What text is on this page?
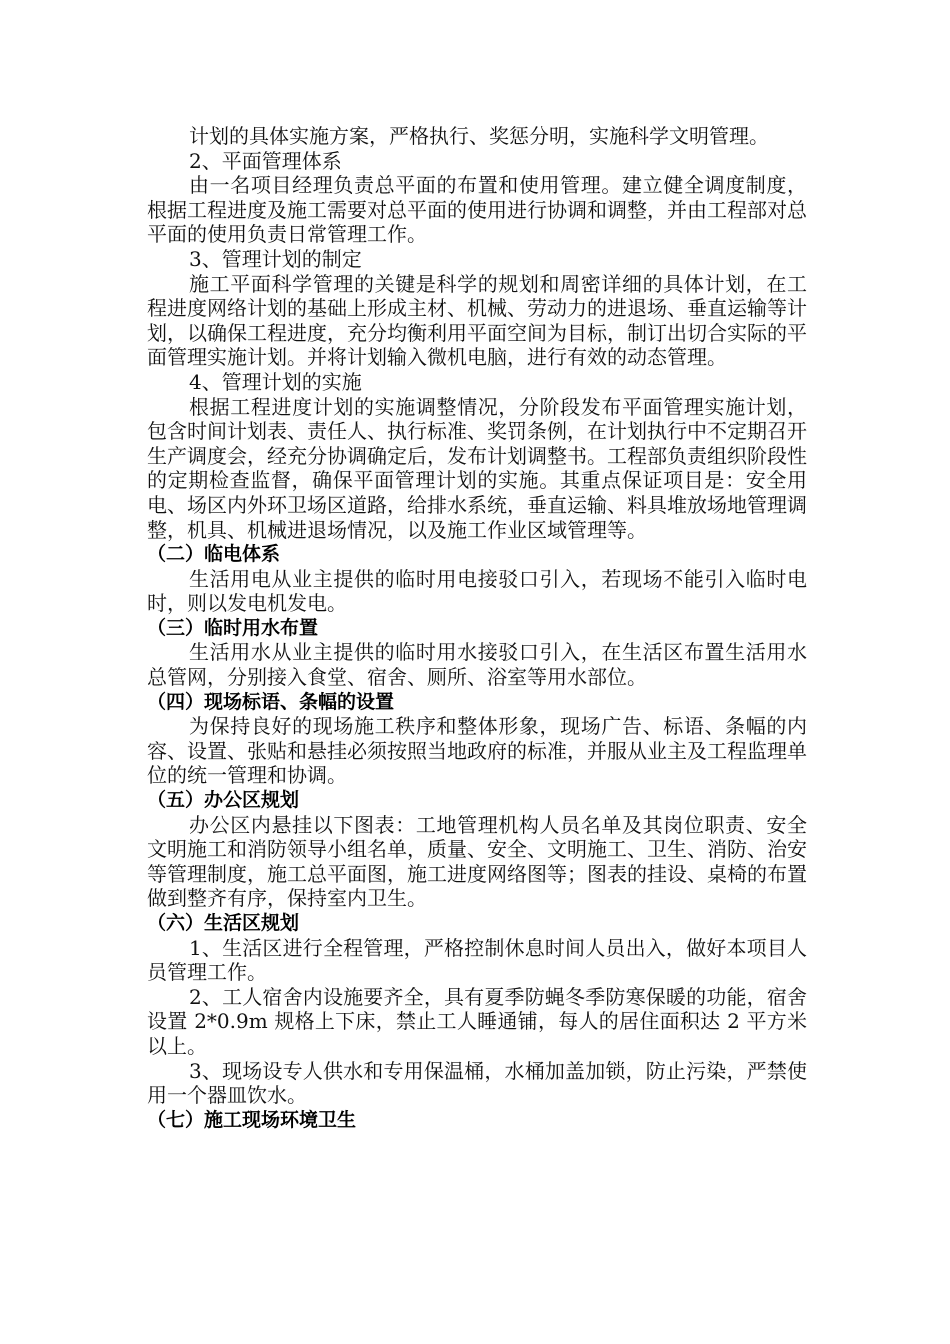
计划的具体实施方案，严格执行、奖惩分明，实施科学文明管理。
2、平面管理体系
由一名项目经理负责总平面的布置和使用管理。建立健全调度制度，根据工程进度及施工需要对总平面的使用进行协调和调整，并由工程部对总平面的使用负责日常管理工作。
3、管理计划的制定
施工平面科学管理的关键是科学的规划和周密详细的具体计划，在工程进度网络计划的基础上形成主材、机械、劳动力的进退场、垂直运输等计划，以确保工程进度，充分均衡利用平面空间为目标，制订出切合实际的平面管理实施计划。并将计划输入微机电脑，进行有效的动态管理。
4、管理计划的实施
根据工程进度计划的实施调整情况，分阶段发布平面管理实施计划，包含时间计划表、责任人、执行标准、奖罚条例，在计划执行中不定期召开生产调度会，经充分协调确定后，发布计划调整书。工程部负责组织阶段性的定期检查监督，确保平面管理计划的实施。其重点保证项目是：安全用电、场区内外环卫场区道路，给排水系统，垂直运输、料具堆放场地管理调整，机具、机械进退场情况，以及施工作业区域管理等。
（二）临电体系
生活用电从业主提供的临时用电接驳口引入，若现场不能引入临时电时，则以发电机发电。
（三）临时用水布置
生活用水从业主提供的临时用水接驳口引入，在生活区布置生活用水总管网，分别接入食堂、宿舍、厕所、浴室等用水部位。
（四）现场标语、条幅的设置
为保持良好的现场施工秩序和整体形象，现场广告、标语、条幅的内容、设置、张贴和悬挂必须按照当地政府的标准，并服从业主及工程监理单位的统一管理和协调。
（五）办公区规划
办公区内悬挂以下图表：工地管理机构人员名单及其岗位职责、安全文明施工和消防领导小组名单，质量、安全、文明施工、卫生、消防、治安等管理制度，施工总平面图，施工进度网络图等；图表的挂设、桌椅的布置做到整齐有序，保持室内卫生。
（六）生活区规划
1、生活区进行全程管理，严格控制休息时间人员出入，做好本项目人员管理工作。
2、工人宿舍内设施要齐全，具有夏季防蝇冬季防寒保暖的功能，宿舍设置 2*0.9m 规格上下床，禁止工人睡通铺，每人的居住面积达 2 平方米以上。
3、现场设专人供水和专用保温桶，水桶加盖加锁，防止污染，严禁使用一个器皿饮水。
（七）施工现场环境卫生
